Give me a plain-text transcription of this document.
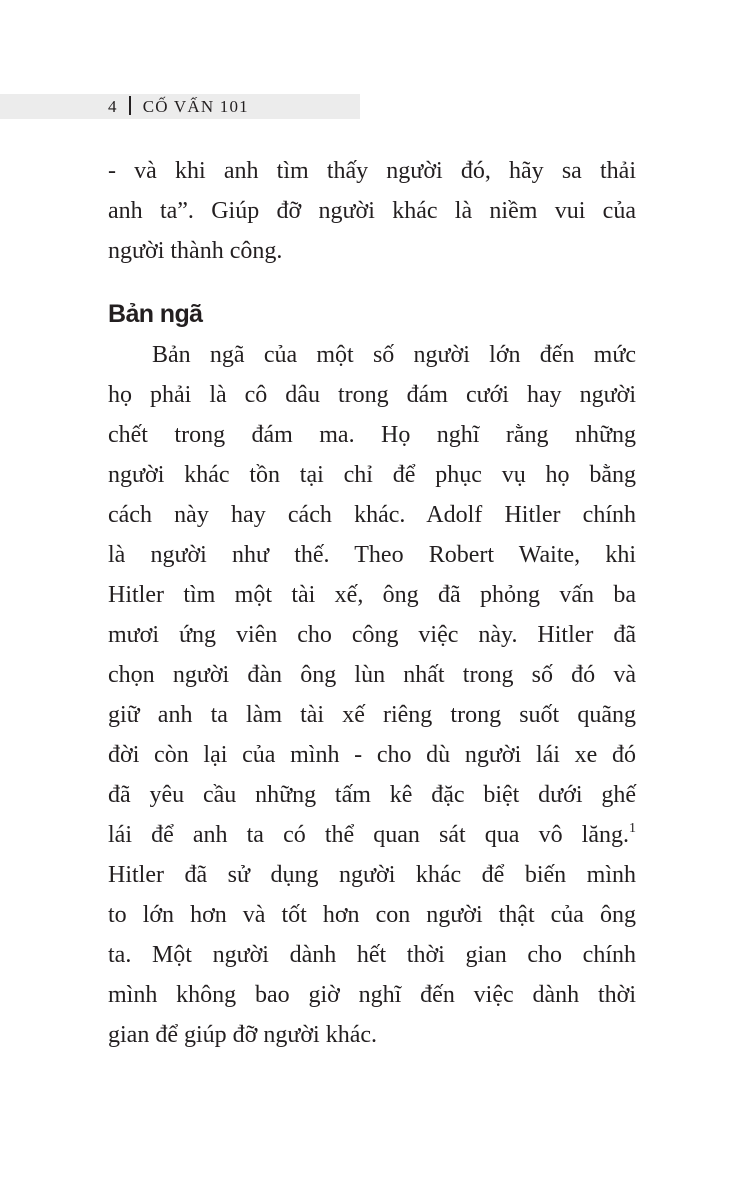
4 CỐ VẤN 101
- và khi anh tìm thấy người đó, hãy sa thải
anh ta”. Giúp đỡ người khác là niềm vui của
người thành công.
Bản ngã
Bản ngã của một số người lớn đến mức
họ phải là cô dâu trong đám cưới hay người
chết trong đám ma. Họ nghĩ rằng những
người khác tồn tại chỉ để phục vụ họ bằng
cách này hay cách khác. Adolf Hitler chính
là người như thế. Theo Robert Waite, khi
Hitler tìm một tài xế, ông đã phỏng vấn ba
mươi ứng viên cho công việc này. Hitler đã
chọn người đàn ông lùn nhất trong số đó và
giữ anh ta làm tài xế riêng trong suốt quãng
đời còn lại của mình - cho dù người lái xe đó
đã yêu cầu những tấm kê đặc biệt dưới ghế
lái để anh ta có thể quan sát qua vô lăng.$^1$
Hitler đã sử dụng người khác để biến mình
to lớn hơn và tốt hơn con người thật của ông
ta. Một người dành hết thời gian cho chính
mình không bao giờ nghĩ đến việc dành thời
gian để giúp đỡ người khác.
